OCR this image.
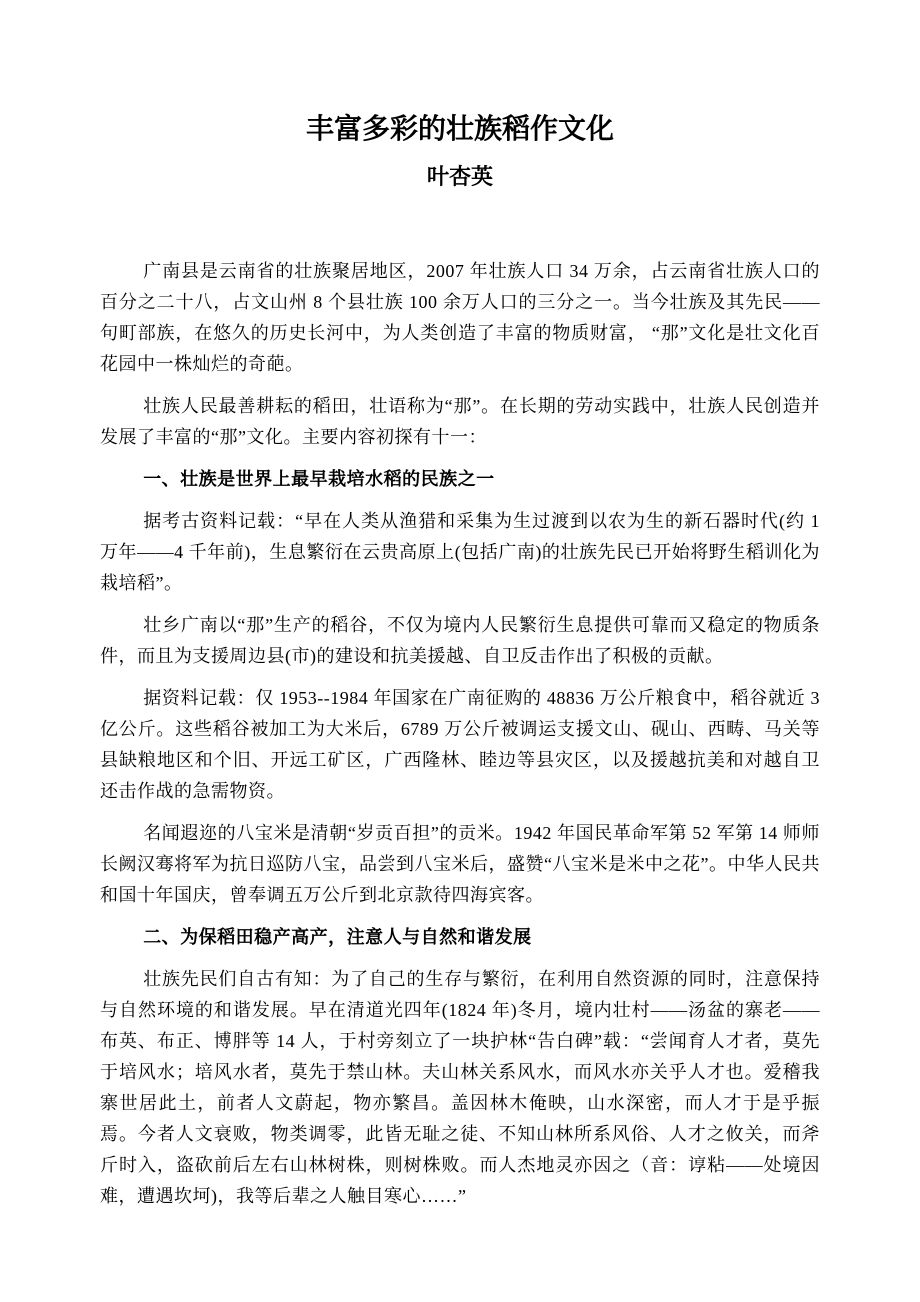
丰富多彩的壮族稻作文化
叶杏英

广南县是云南省的壮族聚居地区，2007 年壮族人口 34 万余，占云南省壮族人口的百分之二十八，占文山州 8 个县壮族 100 余万人口的三分之一。当今壮族及其先民——句町部族，在悠久的历史长河中，为人类创造了丰富的物质财富， “那”文化是壮文化百花园中一株灿烂的奇葩。

壮族人民最善耕耘的稻田，壮语称为“那”。在长期的劳动实践中，壮族人民创造并发展了丰富的“那”文化。主要内容初探有十一：

一、壮族是世界上最早栽培水稻的民族之一

据考古资料记载：“早在人类从渔猎和采集为生过渡到以农为生的新石器时代(约 1 万年——4 千年前)，生息繁衍在云贵高原上(包括广南)的壮族先民已开始将野生稻训化为栽培稻”。

壮乡广南以“那”生产的稻谷，不仅为境内人民繁衍生息提供可靠而又稳定的物质条件，而且为支援周边县(市)的建设和抗美援越、自卫反击作出了积极的贡献。

据资料记载：仅 1953--1984 年国家在广南征购的 48836 万公斤粮食中，稻谷就近 3 亿公斤。这些稻谷被加工为大米后，6789 万公斤被调运支援文山、砚山、西畴、马关等县缺粮地区和个旧、开远工矿区，广西隆林、睦边等县灾区，以及援越抗美和对越自卫还击作战的急需物资。

名闻遐迩的八宝米是清朝“岁贡百担”的贡米。1942 年国民革命军第 52 军第 14 师师长阙汉骞将军为抗日巡防八宝，品尝到八宝米后，盛赞“八宝米是米中之花”。中华人民共和国十年国庆，曾奉调五万公斤到北京款待四海宾客。

二、为保稻田稳产高产，注意人与自然和谐发展

壮族先民们自古有知：为了自己的生存与繁衍，在利用自然资源的同时，注意保持与自然环境的和谐发展。早在清道光四年(1824 年)冬月，境内壮村——汤盆的寨老——布英、布正、博胖等 14 人，于村旁刻立了一块护林“告白碑”载：“尝闻育人才者，莫先于培风水；培风水者，莫先于禁山林。夫山林关系风水，而风水亦关乎人才也。爱稽我寨世居此土，前者人文蔚起，物亦繁昌。盖因林木俺映，山水深密，而人才于是乎振焉。今者人文衰败，物类调零，此皆无耻之徒、不知山林所系风俗、人才之攸关，而斧斤时入，盗砍前后左右山林树株，则树株败。而人杰地灵亦因之（音：谆粘——处境因难，遭遇坎坷)，我等后辈之人触目寒心……”
